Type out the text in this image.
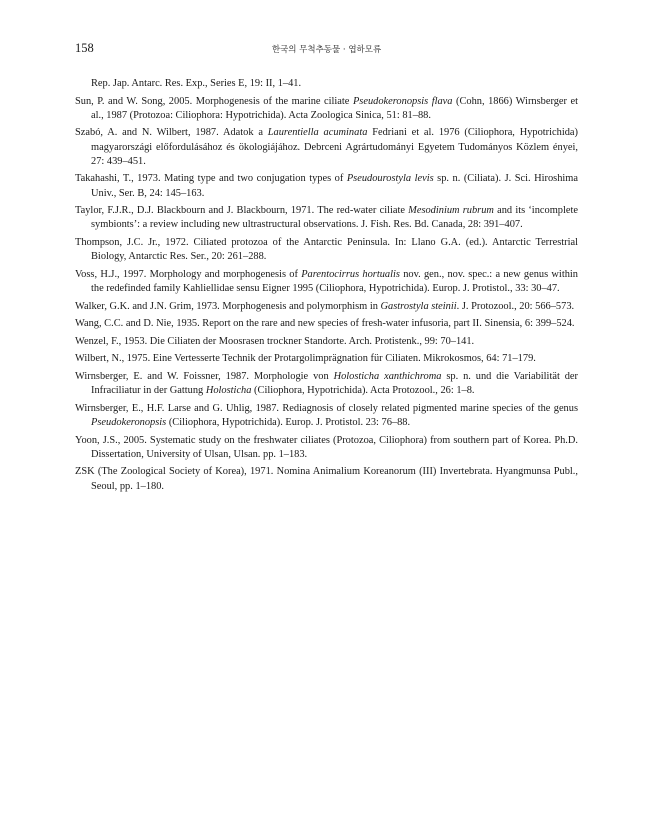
158	한국의 무척추동물 · 엽하모류

Rep. Jap. Antarc. Res. Exp., Series E, 19: II, 1–41.

Sun, P. and W. Song, 2005. Morphogenesis of the marine ciliate Pseudokeronopsis flava (Cohn, 1866) Wirnsberger et al., 1987 (Protozoa: Ciliophora: Hypotrichida). Acta Zoologica Sinica, 51: 81–88.

Szabó, A. and N. Wilbert, 1987. Adatok a Laurentiella acuminata Fedriani et al. 1976 (Ciliophora, Hypotrichida) magyarországi előfordulásához és ökologiájához. Debrceni Agrártudományi Egyetem Tudományos Közlem ényei, 27: 439–451.

Takahashi, T., 1973. Mating type and two conjugation types of Pseudourostyla levis sp. n. (Ciliata). J. Sci. Hiroshima Univ., Ser. B, 24: 145–163.

Taylor, F.J.R., D.J. Blackbourn and J. Blackbourn, 1971. The red-water ciliate Mesodinium rubrum and its ‘incomplete symbionts’: a review including new ultrastructural observations. J. Fish. Res. Bd. Canada, 28: 391–407.

Thompson, J.C. Jr., 1972. Ciliated protozoa of the Antarctic Peninsula. In: Llano G.A. (ed.). Antarctic Terrestrial Biology, Antarctic Res. Ser., 20: 261–288.

Voss, H.J., 1997. Morphology and morphogenesis of Parentocirrus hortualis nov. gen., nov. spec.: a new genus within the redefinded family Kahliellidae sensu Eigner 1995 (Ciliophora, Hypotrichida). Europ. J. Protistol., 33: 30–47.

Walker, G.K. and J.N. Grim, 1973. Morphogenesis and polymorphism in Gastrostyla steinii. J. Protozool., 20: 566–573.

Wang, C.C. and D. Nie, 1935. Report on the rare and new species of fresh-water infusoria, part II. Sinensia, 6: 399–524.

Wenzel, F., 1953. Die Ciliaten der Moosrasen trockner Standorte. Arch. Protistenk., 99: 70–141.

Wilbert, N., 1975. Eine Vertesserte Technik der Protargolimprägnation für Ciliaten. Mikrokosmos, 64: 71–179.

Wirnsberger, E. and W. Foissner, 1987. Morphologie von Holosticha xanthichroma sp. n. und die Variabilität der Infraciliatur in der Gattung Holosticha (Ciliophora, Hypotrichida). Acta Protozool., 26: 1–8.

Wirnsberger, E., H.F. Larse and G. Uhlig, 1987. Rediagnosis of closely related pigmented marine species of the genus Pseudokeronopsis (Ciliophora, Hypotrichida). Europ. J. Protistol. 23: 76–88.

Yoon, J.S., 2005. Systematic study on the freshwater ciliates (Protozoa, Ciliophora) from southern part of Korea. Ph.D. Dissertation, University of Ulsan, Ulsan. pp. 1–183.

ZSK (The Zoological Society of Korea), 1971. Nomina Animalium Koreanorum (III) Invertebrata. Hyangmunsa Publ., Seoul, pp. 1–180.
